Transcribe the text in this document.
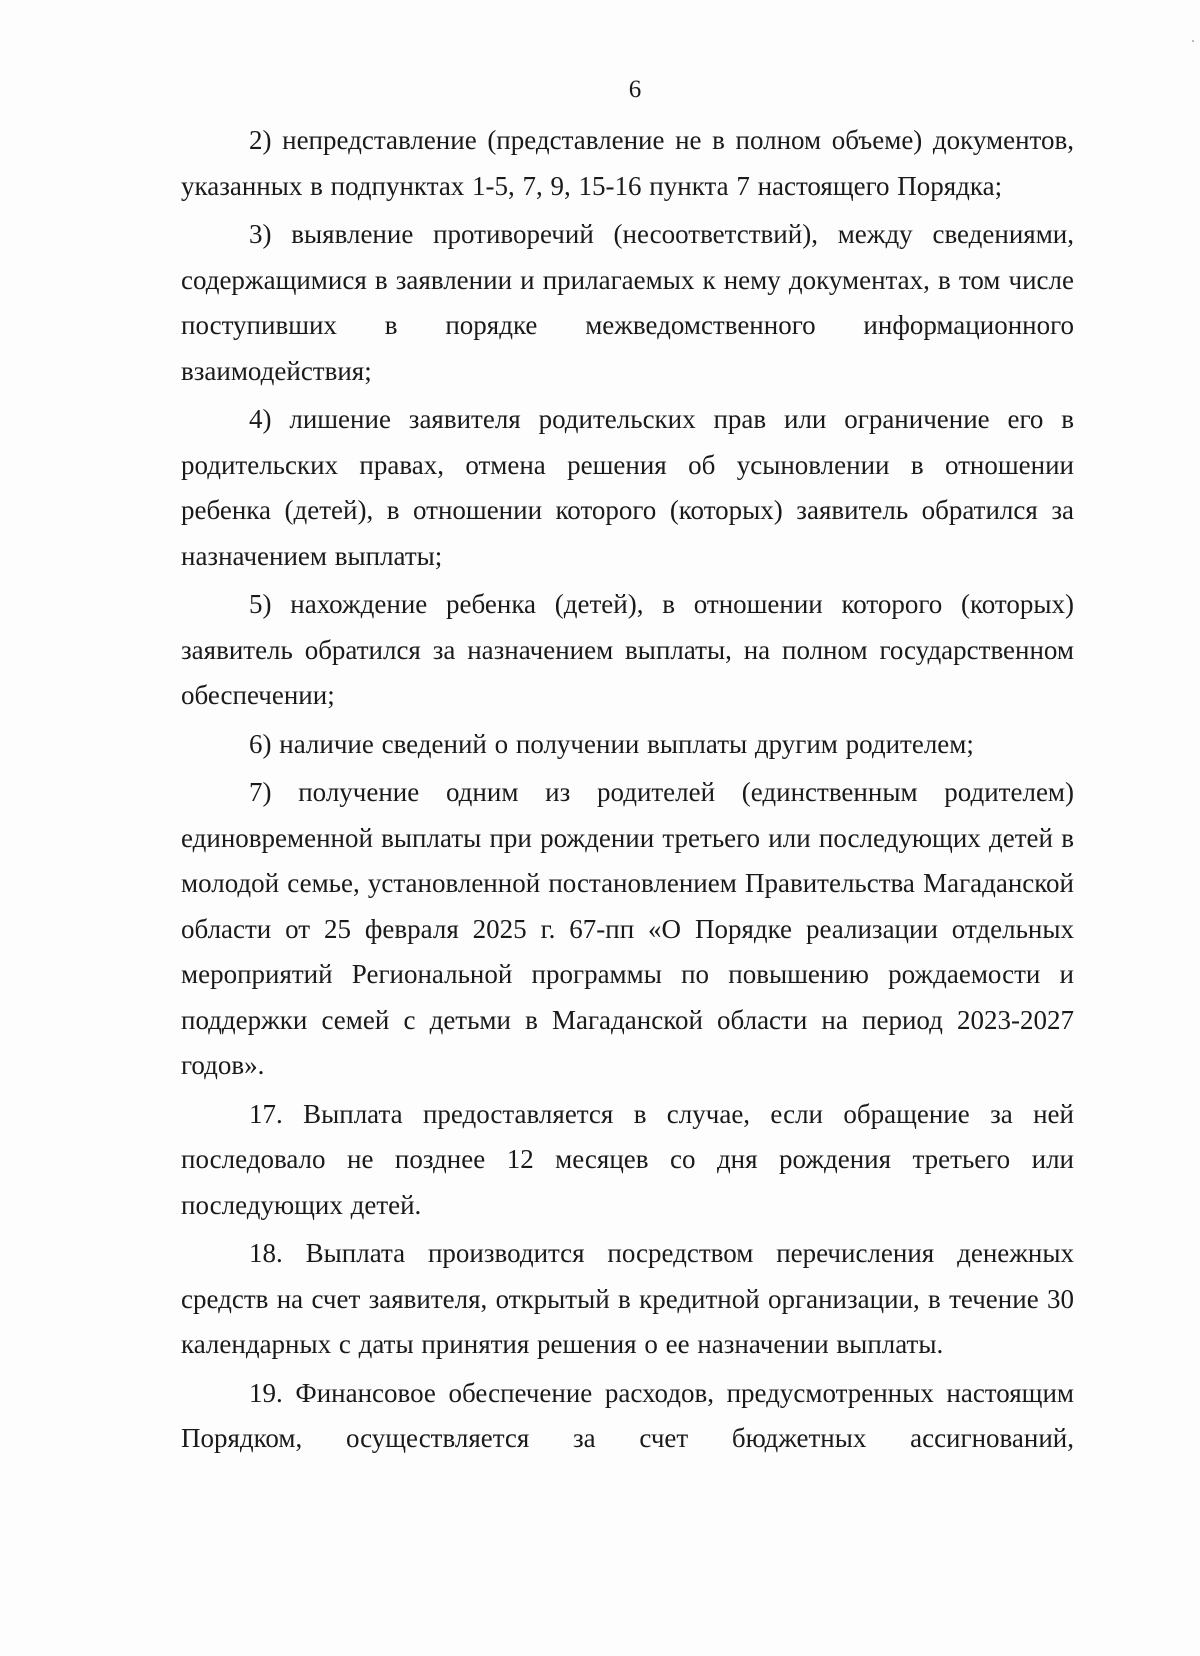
6

2) непредставление (представление не в полном объеме) документов, указанных в подпунктах 1-5, 7, 9, 15-16 пункта 7 настоящего Порядка;

3) выявление противоречий (несоответствий), между сведениями, содержащимися в заявлении и прилагаемых к нему документах, в том числе поступивших в порядке межведомственного информационного взаимодействия;

4) лишение заявителя родительских прав или ограничение его в родительских правах, отмена решения об усыновлении в отношении ребенка (детей), в отношении которого (которых) заявитель обратился за назначением выплаты;

5) нахождение ребенка (детей), в отношении которого (которых) заявитель обратился за назначением выплаты, на полном государственном обеспечении;

6) наличие сведений о получении выплаты другим родителем;

7) получение одним из родителей (единственным родителем) единовременной выплаты при рождении третьего или последующих детей в молодой семье, установленной постановлением Правительства Магаданской области от 25 февраля 2025 г. 67-пп «О Порядке реализации отдельных мероприятий Региональной программы по повышению рождаемости и поддержки семей с детьми в Магаданской области на период 2023-2027 годов».

17. Выплата предоставляется в случае, если обращение за ней последовало не позднее 12 месяцев со дня рождения третьего или последующих детей.

18. Выплата производится посредством перечисления денежных средств на счет заявителя, открытый в кредитной организации, в течение 30 календарных с даты принятия решения о ее назначении выплаты.

19. Финансовое обеспечение расходов, предусмотренных настоящим Порядком, осуществляется за счет бюджетных ассигнований,
